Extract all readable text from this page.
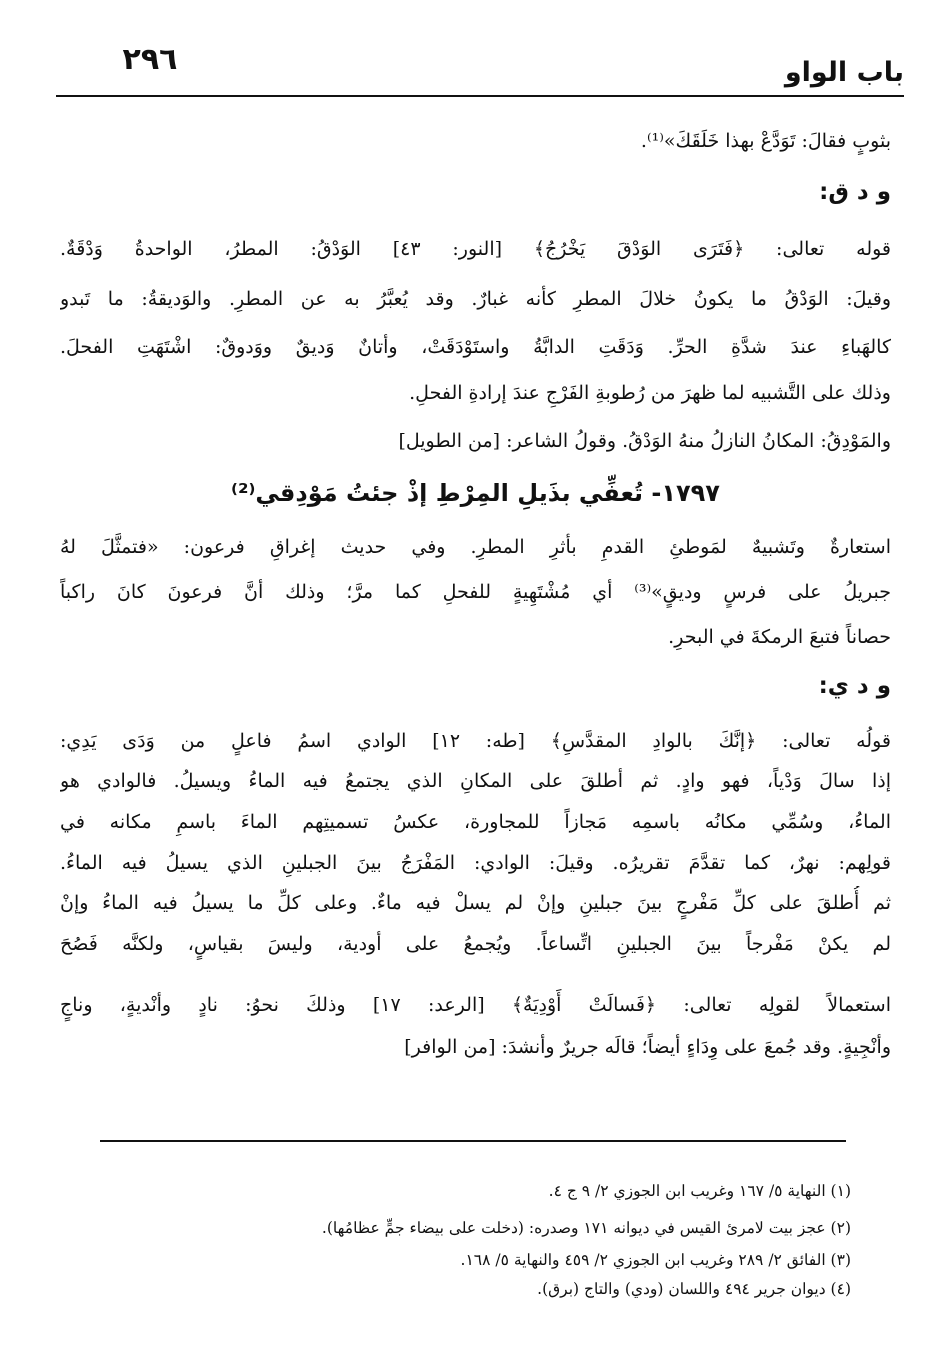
٢٩٦	باب الواو
بثوبٍ فقالَ: تَوَدَّعْ بهذا خَلَقَكَ»⁽¹⁾.
و د ق:
قوله تعالى: ﴿فَتَرَى الوَدْقَ يَخْرُجُ﴾ [النور: ٤٣] الوَدْقُ: المطرُ، الواحدةُ وَدْقَةٌ.
وقيلَ: الوَدْقُ ما يكونُ خلالَ المطرِ كأنه غبارٌ. وقد يُعبَّرُ به عن المطرِ. والوَديقةُ: ما تَبدو
كالهَباءِ عندَ شدَّةِ الحرِّ. وَدَقَتِ الدابَّةُ واستَوْدَقَتْ، وأتانٌ وَديقٌ ووَدوقٌ: اشْتَهَتِ الفحلَ.
وذلك على التَّشبيه لما ظهرَ من رُطوبةِ الفَرْجِ عندَ إرادةِ الفحلِ.
والمَوْدِقُ: المكانُ النازلُ منهُ الوَدْقُ. وقولُ الشاعر: [من الطويل]
١٧٩٧- تُعفِّي بذَيلِ المِرْطِ إذْ جئتُ مَوْدِقي⁽²⁾
استعارةٌ وتَشبيهٌ لمَوطئِ القدمِ بأثرِ المطرِ. وفي حديث إغراقِ فرعون: «فتمثَّلَ لهُ
جبريلُ على فرسٍ وديقٍ»⁽³⁾ أي مُشْتَهِيةٍ للفحلِ كما مرَّ؛ وذلك أنَّ فرعونَ كانَ راكباً
حصاناً فتبعَ الرمكةَ في البحرِ.
و د ي:
قولُه تعالى: ﴿إنَّكَ بالوادِ المقدَّسِ﴾ [طه: ١٢] الوادي اسمُ فاعلٍ من وَدَى يَدِي:
إذا سالَ وَدْياً، فهو وادٍ. ثم أطلقَ على المكانِ الذي يجتمعُ فيه الماءُ ويسيلُ. فالوادي هو
الماءُ، وسُمِّي مكانُه باسمِه مَجازاً للمجاورة، عكسُ تسميتِهم الماءَ باسمِ مكانه في
قولِهم: نهرٌ، كما تقدَّمَ تقريرُه. وقيلَ: الوادي: المَفْرَجُ بينَ الجبلينِ الذي يسيلُ فيه الماءُ.
ثم أُطلقَ على كلِّ مَفْرجٍ بينَ جبلينِ وإنْ لم يسلْ فيه ماءٌ. وعلى كلِّ ما يسيلُ فيه الماءُ وإنْ
لم يكنْ مَفْرجاً بينَ الجبلينِ اتِّساعاً. ويُجمعُ على أودية، وليسَ بقياسٍ، ولكنَّه فَصُحَ
استعمالاً لقولِه تعالى: ﴿فَسالَتْ أَوْدِيَةٌ﴾ [الرعد: ١٧] وذلكَ نحوُ: نادٍ وأنْديةٍ، وناجٍ
وأنْجِيةٍ. وقد جُمعَ على وِدَاءٍ أيضاً؛ قالَه جريرٌ وأنشدَ: [من الوافر]
(١) النهاية ٥/ ١٦٧ وغريب ابن الجوزي ٢/ ٩ ج ٤.
(٢) عجز بيت لامرئ القيس في ديوانه ١٧١ وصدره: (دخلت على بيضاء جمٍّ عظامُها).
(٣) الفائق ٢/ ٢٨٩ وغريب ابن الجوزي ٢/ ٤٥٩ والنهاية ٥/ ١٦٨.
(٤) ديوان جرير ٤٩٤ واللسان (ودي) والتاج (برق).
